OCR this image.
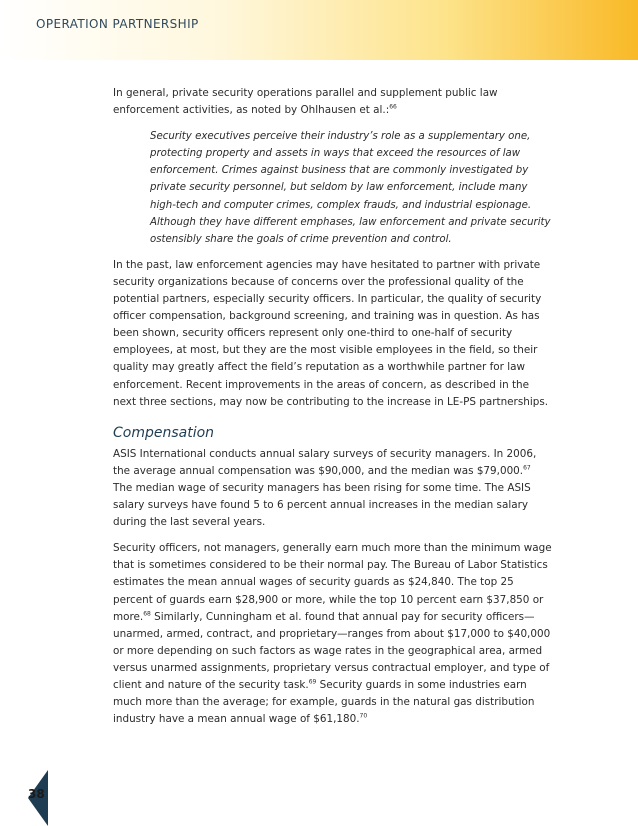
OPERATION PARTNERSHIP

In general, private security operations parallel and supplement public law enforcement activities, as noted by Ohlhausen et al.:$^{66}$

Security executives perceive their industry’s role as a supplementary one, protecting property and assets in ways that exceed the resources of law enforcement. Crimes against business that are commonly investigated by private security personnel, but seldom by law enforcement, include many high-tech and computer crimes, complex frauds, and industrial espionage. Although they have different emphases, law enforcement and private security ostensibly share the goals of crime prevention and control.

In the past, law enforcement agencies may have hesitated to partner with private security organizations because of concerns over the professional quality of the potential partners, especially security officers. In particular, the quality of security officer compensation, background screening, and training was in question. As has been shown, security officers represent only one-third to one-half of security employees, at most, but they are the most visible employees in the field, so their quality may greatly affect the field’s reputation as a worthwhile partner for law enforcement. Recent improvements in the areas of concern, as described in the next three sections, may now be contributing to the increase in LE-PS partnerships.

Compensation

ASIS International conducts annual salary surveys of security managers. In 2006, the average annual compensation was $90,000, and the median was $79,000.67 The median wage of security managers has been rising for some time. The ASIS salary surveys have found 5 to 6 percent annual increases in the median salary during the last several years.

Security officers, not managers, generally earn much more than the minimum wage that is sometimes considered to be their normal pay. The Bureau of Labor Statistics estimates the mean annual wages of security guards as $24,840. The top 25 percent of guards earn $28,900 or more, while the top 10 percent earn $37,850 or more.$^{68}$ Similarly, Cunningham et al. found that annual pay for security officers—unarmed, armed, contract, and proprietary—ranges from about $17,000 to $40,000 or more depending on such factors as wage rates in the geographical area, armed versus unarmed assignments, proprietary versus contractual employer, and type of client and nature of the security task.$^{69}$ Security guards in some industries earn much more than the average; for example, guards in the natural gas distribution industry have a mean annual wage of $61,180.70

38
